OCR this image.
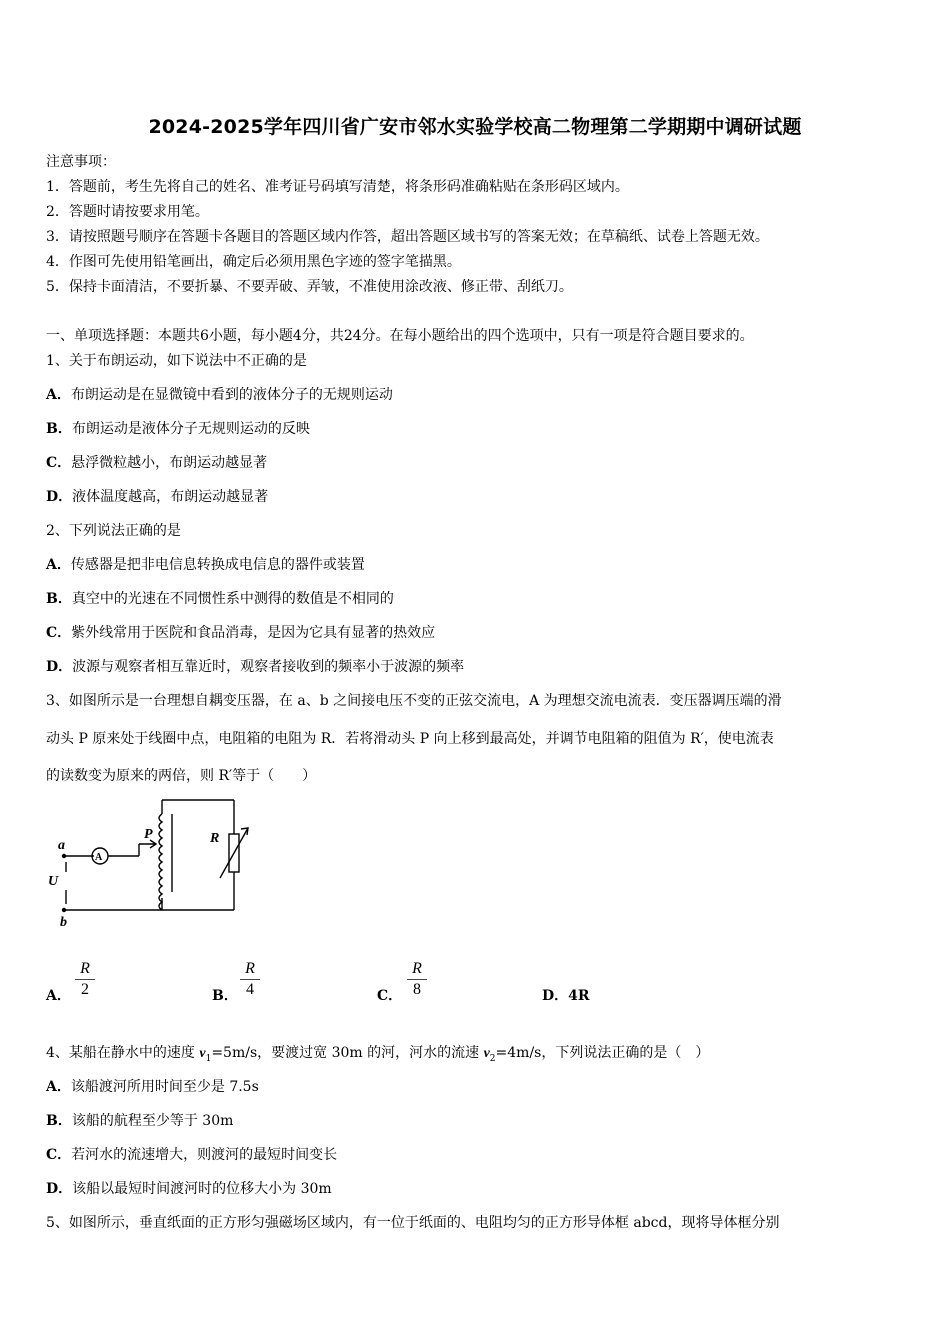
2024-2025学年四川省广安市邻水实验学校高二物理第二学期期中调研试题
注意事项：
1．答题前，考生先将自己的姓名、准考证号码填写清楚，将条形码准确粘贴在条形码区域内。
2．答题时请按要求用笔。
3．请按照题号顺序在答题卡各题目的答题区域内作答，超出答题区域书写的答案无效；在草稿纸、试卷上答题无效。
4．作图可先使用铅笔画出，确定后必须用黑色字迹的签字笔描黑。
5．保持卡面清洁，不要折暴、不要弄破、弄皱，不准使用涂改液、修正带、刮纸刀。
一、单项选择题：本题共6小题，每小题4分，共24分。在每小题给出的四个选项中，只有一项是符合题目要求的。
1、关于布朗运动，如下说法中不正确的是
A．布朗运动是在显微镜中看到的液体分子的无规则运动
B．布朗运动是液体分子无规则运动的反映
C．悬浮微粒越小，布朗运动越显著
D．液体温度越高，布朗运动越显著
2、下列说法正确的是
A．传感器是把非电信息转换成电信息的器件或装置
B．真空中的光速在不同惯性系中测得的数值是不相同的
C．紫外线常用于医院和食品消毒，是因为它具有显著的热效应
D．波源与观察者相互靠近时，观察者接收到的频率小于波源的频率
3、如图所示是一台理想自耦变压器，在 a、b 之间接电压不变的正弦交流电，A 为理想交流电流表．变压器调压端的滑
动头 P 原来处于线圈中点，电阻箱的电阻为 R．若将滑动头 P 向上移到最高处，并调节电阻箱的阻值为 R′，使电流表
的读数变为原来的两倍，则 R′等于（　　）
a
b
U
A
P	R
A．
R
2	B．
R
4	C．
R
8	D．4R
4、某船在静水中的速度 $v_1=5m/s$，要渡过宽 30m 的河，河水的流速 $v_2=4m/s$，下列说法正确的是（　）
A．该船渡河所用时间至少是 7.5s
B．该船的航程至少等于 30m
C．若河水的流速增大，则渡河的最短时间变长
D．该船以最短时间渡河时的位移大小为 30m
5、如图所示，垂直纸面的正方形匀强磁场区域内，有一位于纸面的、电阻均匀的正方形导体框 abcd，现将导体框分别
